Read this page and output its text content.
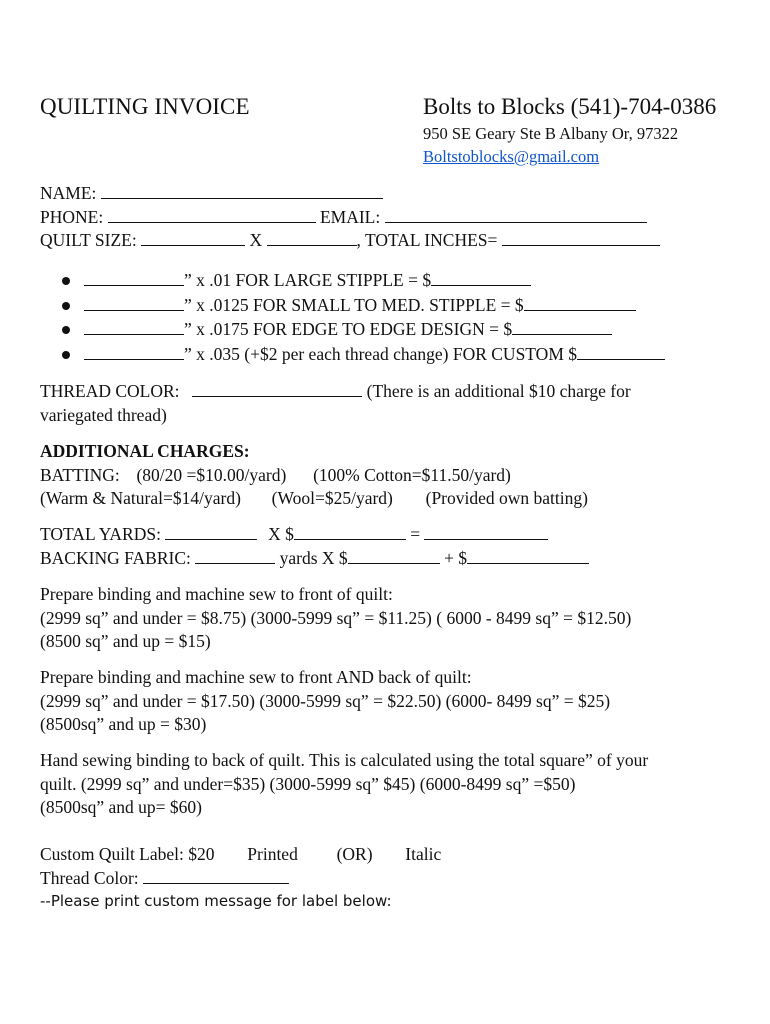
QUILTING INVOICE	Bolts to Blocks (541)-704-0386
950 SE Geary Ste B Albany Or, 97322
Boltstoblocks@gmail.com
NAME:
PHONE:	EMAIL:
QUILT SIZE:	X	, TOTAL INCHES=
” x .01 FOR LARGE STIPPLE = $
” x .0125 FOR SMALL TO MED. STIPPLE = $
” x .0175 FOR EDGE TO EDGE DESIGN = $
” x .035 (+$2 per each thread change) FOR CUSTOM $
THREAD COLOR:	(There is an additional $10 charge for
variegated thread)
ADDITIONAL CHARGES:
BATTING: (80/20 =$10.00/yard) (100% Cotton=$11.50/yard)
(Warm & Natural=$14/yard) (Wool=$25/yard) (Provided own batting)
TOTAL YARDS:	X $	=
BACKING FABRIC:	yards X $	+ $
Prepare binding and machine sew to front of quilt:
(2999 sq” and under = $8.75) (3000-5999 sq” = $11.25) ( 6000 - 8499 sq” = $12.50)
(8500 sq” and up = $15)
Prepare binding and machine sew to front AND back of quilt:
(2999 sq” and under = $17.50) (3000-5999 sq” = $22.50) (6000- 8499 sq” = $25)
(8500sq” and up = $30)
Hand sewing binding to back of quilt. This is calculated using the total square” of your
quilt. (2999 sq” and under=$35) (3000-5999 sq” $45) (6000-8499 sq” =$50)
(8500sq” and up= $60)
Custom Quilt Label: $20 Printed (OR) Italic
Thread Color:
--Please print custom message for label below:
